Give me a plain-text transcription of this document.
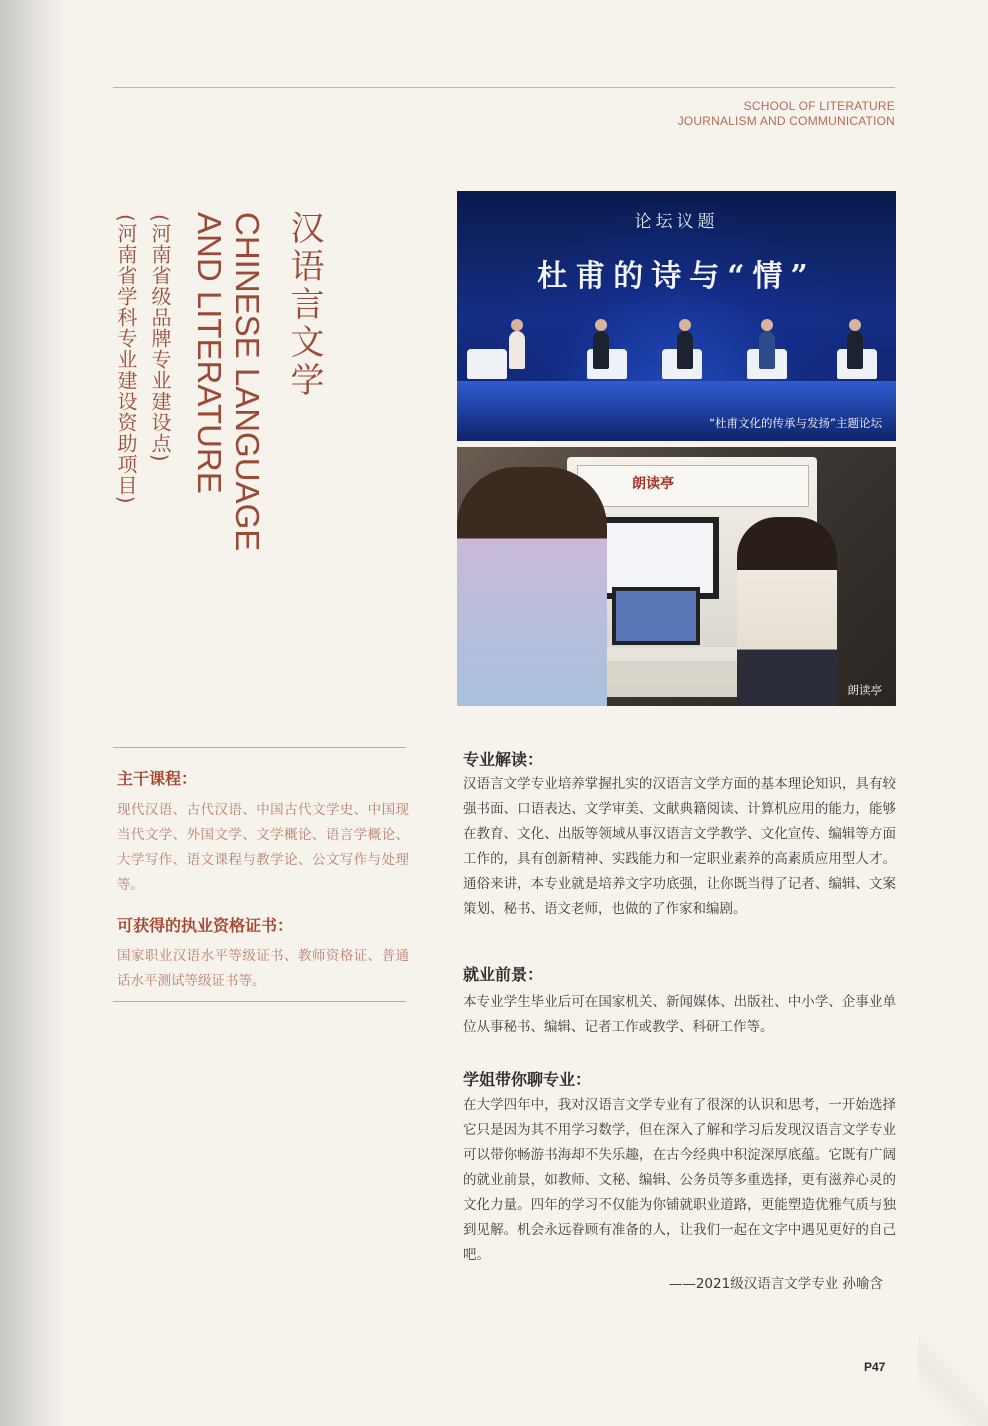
SCHOOL OF LITERATURE
JOURNALISM AND COMMUNICATION
汉语言文学
CHINESE LANGUAGE
AND LITERATURE
(河南省级品牌专业建设点)
(河南省学科专业建设资助项目)	论坛议题
杜甫的诗与“情”
“杜甫文化的传承与发扬”主题论坛
朗读亭
朗读亭
主干课程：
现代汉语、古代汉语、中国古代文学史、中国现当代文学、外国文学、文学概论、语言学概论、大学写作、语文课程与教学论、公文写作与处理等。
可获得的执业资格证书：
国家职业汉语水平等级证书、教师资格证、普通话水平测试等级证书等。
专业解读：
汉语言文学专业培养掌握扎实的汉语言文学方面的基本理论知识，具有较强书面、口语表达、文学审美、文献典籍阅读、计算机应用的能力，能够在教育、文化、出版等领域从事汉语言文学教学、文化宣传、编辑等方面工作的，具有创新精神、实践能力和一定职业素养的高素质应用型人才。通俗来讲，本专业就是培养文字功底强，让你既当得了记者、编辑、文案策划、秘书、语文老师，也做的了作家和编剧。
就业前景：
本专业学生毕业后可在国家机关、新闻媒体、出版社、中小学、企事业单位从事秘书、编辑、记者工作或教学、科研工作等。
学姐带你聊专业：
在大学四年中，我对汉语言文学专业有了很深的认识和思考，一开始选择它只是因为其不用学习数学，但在深入了解和学习后发现汉语言文学专业可以带你畅游书海却不失乐趣，在古今经典中积淀深厚底蕴。它既有广阔的就业前景，如教师、文秘、编辑、公务员等多重选择，更有滋养心灵的文化力量。四年的学习不仅能为你铺就职业道路，更能塑造优雅气质与独到见解。机会永远眷顾有准备的人，让我们一起在文字中遇见更好的自己吧。
——2021级汉语言文学专业 孙喻含
P47
